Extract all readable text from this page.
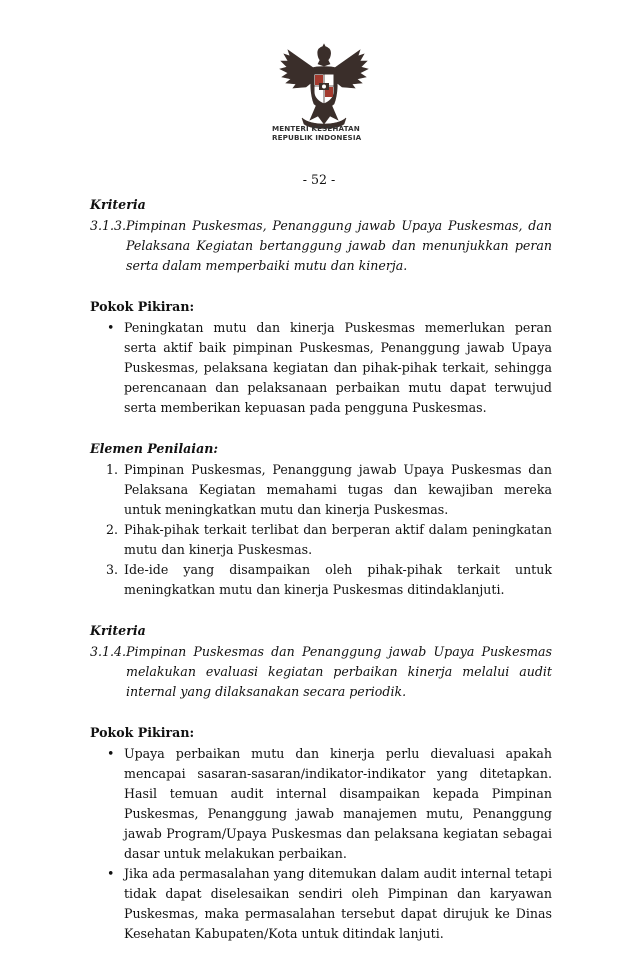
MENTERI KESEHATAN
REPUBLIK INDONESIA
- 52 -
Kriteria
3.1.3. Pimpinan Puskesmas, Penanggung jawab Upaya Puskesmas, dan Pelaksana Kegiatan bertanggung jawab dan menunjukkan peran serta dalam memperbaiki mutu dan kinerja.
Pokok Pikiran:
• Peningkatan mutu dan kinerja Puskesmas memerlukan peran serta aktif baik pimpinan Puskesmas, Penanggung jawab Upaya Puskesmas, pelaksana kegiatan dan pihak-pihak terkait, sehingga perencanaan dan pelaksanaan perbaikan mutu dapat terwujud serta memberikan kepuasan pada pengguna Puskesmas.
Elemen Penilaian:
1. Pimpinan Puskesmas, Penanggung jawab Upaya Puskesmas dan Pelaksana Kegiatan memahami tugas dan kewajiban mereka untuk meningkatkan mutu dan kinerja Puskesmas.
2. Pihak-pihak terkait terlibat dan berperan aktif dalam peningkatan mutu dan kinerja Puskesmas.
3. Ide-ide yang disampaikan oleh pihak-pihak terkait untuk meningkatkan mutu dan kinerja Puskesmas ditindaklanjuti.
Kriteria
3.1.4. Pimpinan Puskesmas dan Penanggung jawab Upaya Puskesmas melakukan evaluasi kegiatan perbaikan kinerja melalui audit internal yang dilaksanakan secara periodik.
Pokok Pikiran:
• Upaya perbaikan mutu dan kinerja perlu dievaluasi apakah mencapai sasaran-sasaran/indikator-indikator yang ditetapkan. Hasil temuan audit internal disampaikan kepada Pimpinan Puskesmas, Penanggung jawab manajemen mutu, Penanggung jawab Program/Upaya Puskesmas dan pelaksana kegiatan sebagai dasar untuk melakukan perbaikan.
• Jika ada permasalahan yang ditemukan dalam audit internal tetapi tidak dapat diselesaikan sendiri oleh Pimpinan dan karyawan Puskesmas, maka permasalahan tersebut dapat dirujuk ke Dinas Kesehatan Kabupaten/Kota untuk ditindak lanjuti.
